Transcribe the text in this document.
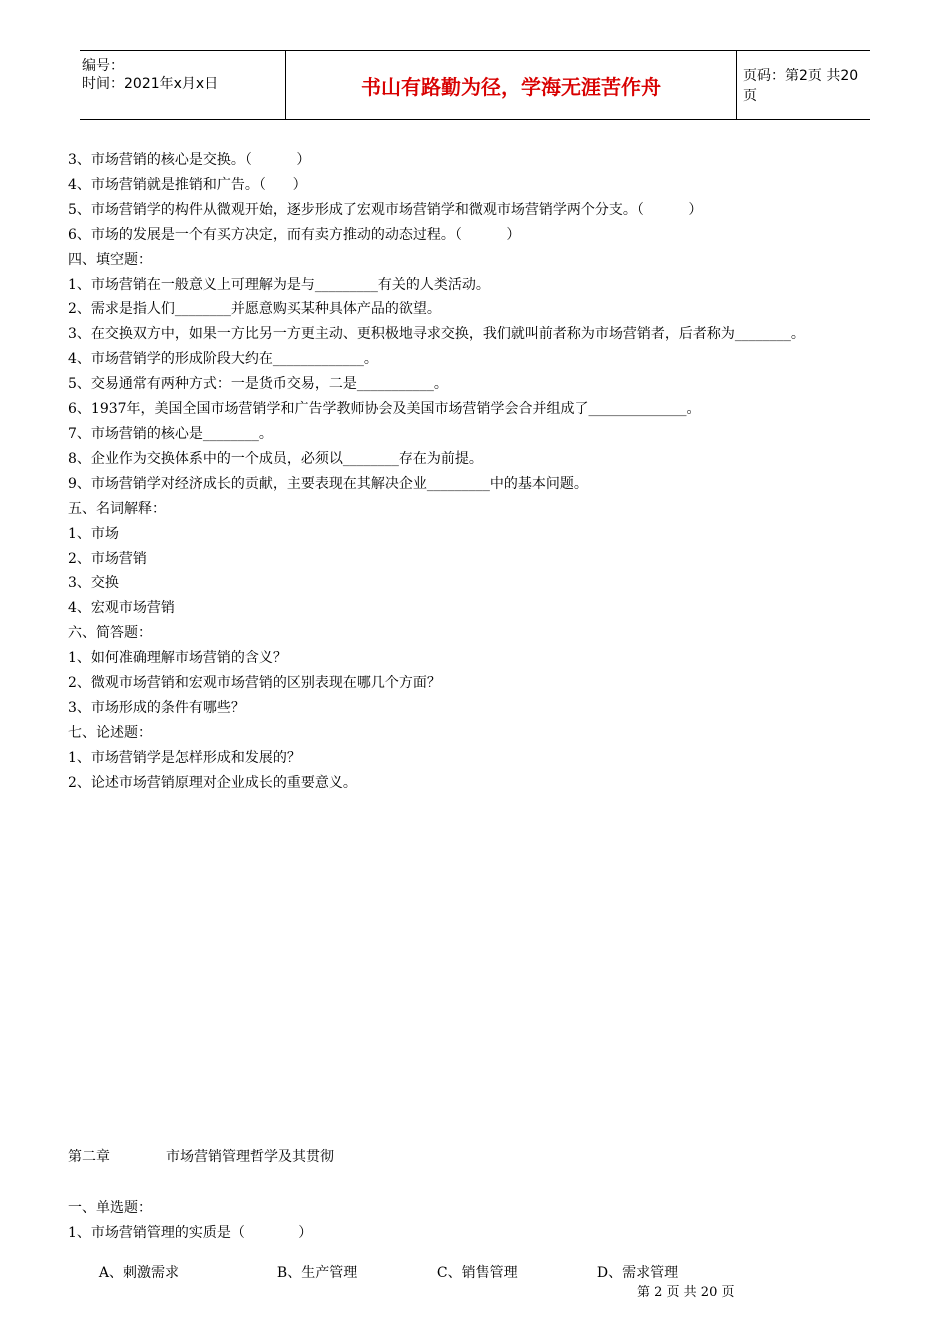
编号：
时间：2021年x月x日	书山有路勤为径，学海无涯苦作舟	页码：第2页 共20页
3、市场营销的核心是交换。（          ）
4、市场营销就是推销和广告。（      ）
5、市场营销学的构件从微观开始，逐步形成了宏观市场营销学和微观市场营销学两个分支。（          ）
6、市场的发展是一个有买方决定，而有卖方推动的动态过程。（          ）
四、填空题：
1、市场营销在一般意义上可理解为是与_________有关的人类活动。
2、需求是指人们________并愿意购买某种具体产品的欲望。
3、在交换双方中，如果一方比另一方更主动、更积极地寻求交换，我们就叫前者称为市场营销者，后者称为________。
4、市场营销学的形成阶段大约在_____________。
5、交易通常有两种方式：一是货币交易，二是___________。
6、1937年，美国全国市场营销学和广告学教师协会及美国市场营销学会合并组成了______________。
7、市场营销的核心是________。
8、企业作为交换体系中的一个成员，必须以________存在为前提。
9、市场营销学对经济成长的贡献，主要表现在其解决企业_________中的基本问题。
五、名词解释：
1、市场
2、市场营销
3、交换
4、宏观市场营销
六、简答题：
1、如何准确理解市场营销的含义？
2、微观市场营销和宏观市场营销的区别表现在哪几个方面？
3、市场形成的条件有哪些？
七、论述题：
1、市场营销学是怎样形成和发展的？
2、论述市场营销原理对企业成长的重要意义。
第二章	市场营销管理哲学及其贯彻
一、单选题：
1、市场营销管理的实质是（            ）

A、刺激需求	B、生产管理	C、销售管理	D、需求管理

第 2 页 共 20 页
